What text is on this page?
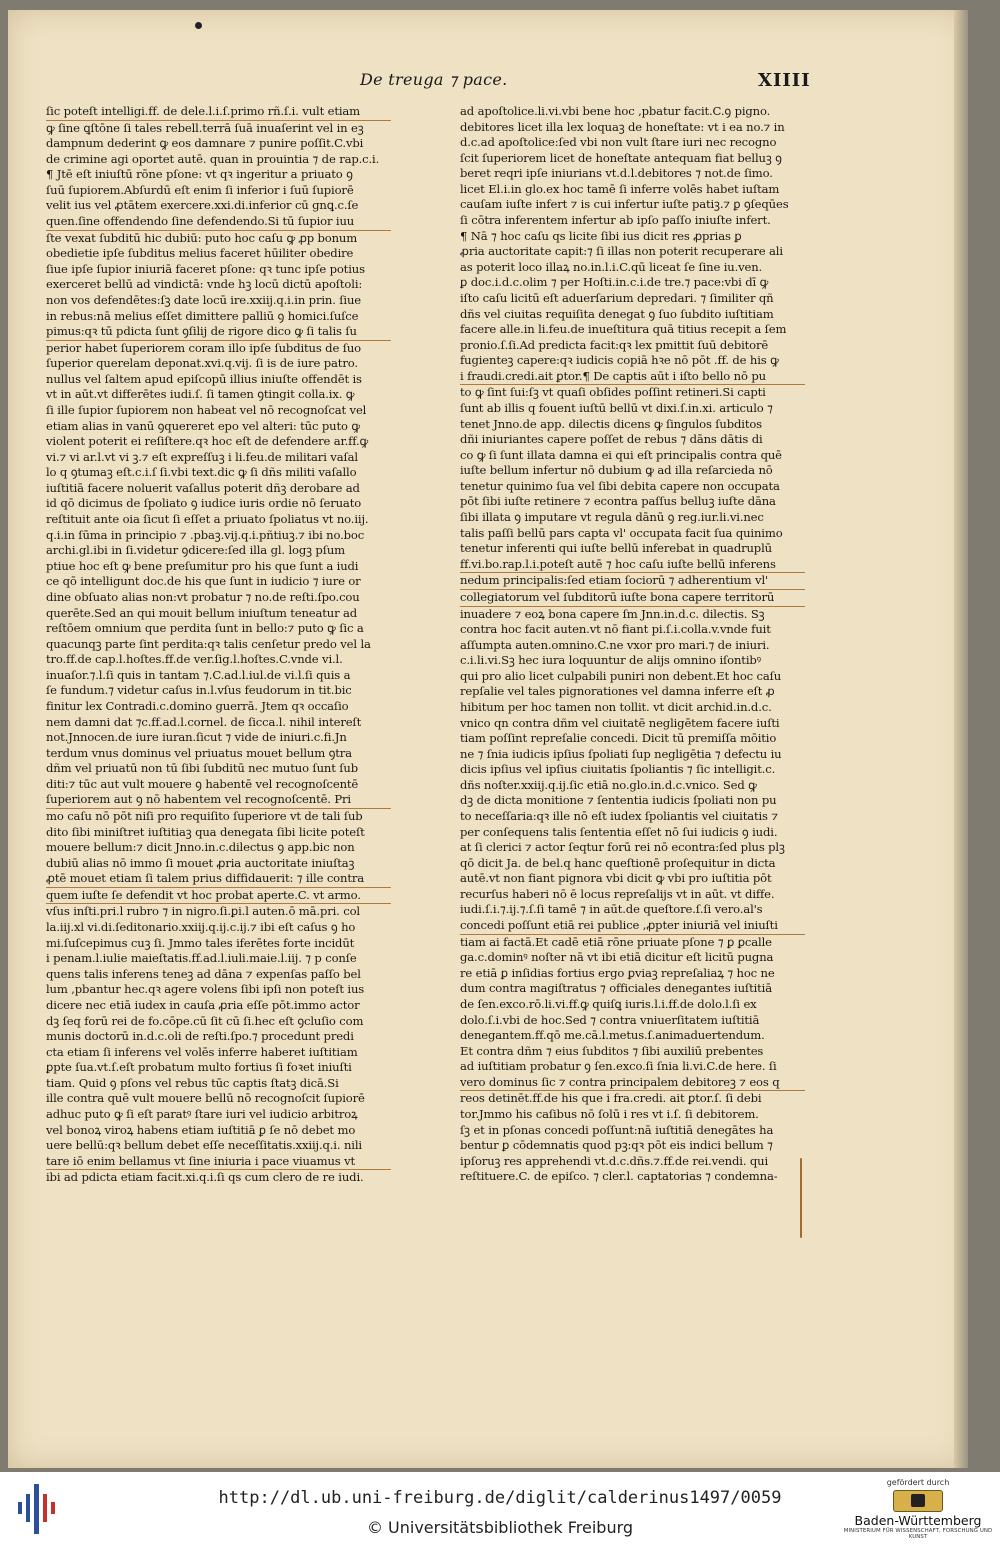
De treuga ⁊ pace.	XIIII
ſic poteſt intelligi.ff. de dele.l.i.ſ.primo rñ.ſ.i. vult etiam
ꝙ ſine ꝗſtōne ſi tales rebell.terrā ſuā inuaſerint vel in eꝫ
dampnum dederint ꝙ eos damnare ⁊ punire poſſit.C.vbi
de crimine agi oportet autē. quan in prouintia ⁊ de rap.c.i.
¶ Jtē eſt iniuſtū rōne pſone: vt qꝛ ingeritur a priuato ꝯ
ſuū ſupiorem.Abſurdū eſt enim ſi inferior i ſuū ſupiorē
velit ius vel ꝓtātem exercere.xxi.di.inferior cū gnꝗ.c.ſe
quen.ſine offendendo ſine defendendo.Si tū ſupior iuu
ſte vexat ſubditū hic dubiū: puto hoc caſu ꝙ ꝓp bonum
obedietie ipſe ſubditus melius faceret hūiliter obedire
ſiue ipſe ſupior iniuriā faceret pſone: qꝛ tunc ipſe potius
exerceret bellū ad vindictā: vnde hꝫ locū dictū apoſtoli:
non vos defendētes:ſꝫ date locū ire.xxiij.q.i.in prin. ſiue
in rebus:nā melius eſſet dimittere palliū ꝯ homici.ſuſce
pimus:qꝛ tū pdicta ſunt ꝯſilij de rigore dico ꝙ ſi talis ſu
perior habet ſuperiorem coram illo ipſe ſubditus de ſuo
ſuperior querelam deponat.xvi.q.vij. ſi is de iure patro.
nullus vel ſaltem apud epiſcopū illius iniuſte offendēt is
vt in aūt.vt differētes iudi.ſ. ſi tamen ꝯtingit colla.ix. ꝙ
ſi ille ſupior ſupiorem non habeat vel nō recognoſcat vel
etiam alias in vanū ꝯquereret epo vel alteri: tūc puto ꝙ
violent poterit ei reſiſtere.qꝛ hoc eſt de defendere ar.ff.ꝙ
vi.⁊ vi ar.l.vt vi ꝫ.⁊ eſt expreſſuꝫ i li.feu.de militari vaſal
lo q ꝯtumaꝫ eſt.c.i.ſ ſi.vbi text.dic ꝙ ſi dñs militi vaſallo
iuſtitiā facere noluerit vaſallus poterit dñꝫ derobare ad
id qō dicimus de ſpoliato ꝯ iudice iuris ordie nō ſeruato
reſtituit ante oia ſicut ſi eſſet a priuato ſpoliatus vt no.iij.
q.i.in ſūma in principio ⁊ .pbaꝫ.vij.q.i.pñtiuꝫ.⁊ ibi no.boc
archi.gl.ibi in ſi.videtur ꝯdicere:ſed illa gl. logꝫ pſum
ptiue hoc eſt ꝙ bene preſumitur pro his que ſunt a iudi
ce qō intelligunt doc.de his que ſunt in iudicio ⁊ iure or
dine obſuato alias non:vt probatur ⁊ no.de reſti.ſpo.cou
querēte.Sed an qui mouit bellum iniuſtum teneatur ad
reſtōem omnium que perdita ſunt in bello:⁊ puto ꝙ ſic a
quacunqꝫ parte ſint perdita:qꝛ talis cenſetur predo vel la
tro.ff.de cap.l.hoſtes.ff.de ver.ſig.l.hoſtes.C.vnde vi.l.
inuaſor.⁊.l.ſi quis in tantam ⁊.C.ad.l.iul.de vi.l.ſi quis a
ſe fundum.⁊ videtur caſus in.l.vſus feudorum in tit.bic
finitur lex Contradi.c.domino guerrā. Jtem qꝛ occaſio
nem damni dat ⁊c.ff.ad.l.cornel. de ſicca.l. nihil intereſt
not.Jnnocen.de iure iuran.ſicut ⁊ vide de iniuri.c.fi.Jn
terdum vnus dominus vel priuatus mouet bellum ꝯtra
dñm vel priuatū non tū ſibi ſubditū nec mutuo ſunt ſub
diti:⁊ tūc aut vult mouere ꝯ habentē vel recognoſcentē
ſuperiorem aut ꝯ nō habentem vel recognoſcentē. Pri
mo caſu nō pōt niſi pro requiſito ſuperiore vt de tali ſub
dito ſibi miniſtret iuſtitiaꝫ qua denegata ſibi licite poteſt
mouere bellum:⁊ dicit Jnno.in.c.dilectus ꝯ app.bic non
dubiū alias nō immo ſi mouet ꝓria auctoritate iniuſtaꝫ
ꝓtē mouet etiam ſi talem prius diffidauerit: ⁊ ille contra
quem iuſte ſe defendit vt hoc probat aperte.C. vt armo.
vſus inſti.pri.l rubro ⁊ in nigro.ſi.ꝑi.l auten.ō mā.pri. col
la.iij.xl vi.di.ſeditonario.xxiij.q.ij.c.ij.⁊ ibi eſt caſus ꝯ ho
mi.ſuſcepimus cuꝫ ſi. Jmmo tales iferētes forte incidūt
i penam.l.iulie maieſtatis.ff.ad.l.iuli.maie.l.iij. ⁊ p conſe
quens talis inferens teneꝫ ad dāna ⁊ expenſas paſſo bel
lum ,pbantur hec.qꝛ agere volens ſibi ipſi non poteſt ius
dicere nec etiā iudex in cauſa ꝓria eſſe pōt.immo actor
dꝫ ſeq forū rei de fo.cōpe.cū ſit cū ſi.hec eſt ꝯcluſio com
munis doctorū in.d.c.oli de reſti.ſpo.⁊ procedunt predi
cta etiam ſi inferens vel volēs inferre haberet iuſtitiam
ꝑpte ſua.vt.ſ.eſt probatum multo fortius ſi foꝛet iniuſti
tiam. Quid ꝯ pſons vel rebus tūc captis ſtatꝫ dicā.Si
ille contra quē vult mouere bellū nō recognoſcit ſupiorē
adhuc puto ꝙ ſi eſt paratꝰ ſtare iuri vel iudicio arbitroꝝ
vel bonoꝝ viroꝝ habens etiam iuſtitiā ꝑ ſe nō debet mo
uere bellū:qꝛ bellum debet eſſe neceſſitatis.xxiij.q.i. nili
tare iō enim bellamus vt ſine iniuria i pace viuamus vt
ibi ad pdicta etiam facit.xi.q.i.ſi qs cum clero de re iudi.
ad apoſtolice.li.vi.vbi bene hoc ,pbatur facit.C.ꝯ pigno.
debitores licet illa lex loquaꝫ de honeſtate: vt i ea no.⁊ in
d.c.ad apoſtolice:ſed vbi non vult ſtare iuri nec recogno
ſcit ſuperiorem licet de honeſtate antequam fiat belluꝫ ꝯ
beret reqri ipſe iniurians vt.d.l.debitores ⁊ not.de ſimo.
licet El.i.in glo.ex hoc tamē ſi inferre volēs habet iuſtam
cauſam iuſte infert ⁊ is cui infertur iuſte patiꝫ.⁊ ꝑ ꝯſeqūes
ſi cōtra inferentem infertur ab ipſo paſſo iniuſte infert.
¶ Nā ⁊ hoc caſu qs licite ſibi ius dicit res ꝓprias ꝑ
ꝓria auctoritate capit:⁊ ſi illas non poterit recuperare ali
as poterit loco illaꝝ no.in.l.i.C.qū liceat ſe ſine iu.ven.
ꝑ doc.i.d.c.olim ⁊ per Hoſti.in.c.i.de tre.⁊ pace:vbi dī ꝙ
iſto caſu licitū eſt aduerſarium depredari. ⁊ ſimiliter qñ
dñs vel ciuitas requiſita denegat ꝯ ſuo ſubdito iuſtitiam
facere alle.in li.feu.de inueſtitura quā titius recepit a ſem
pronio.ſ.ſi.Ad predicta facit:qꝛ lex pmittit ſuū debitorē
fugienteꝫ capere:qꝛ iudicis copiā hꝛe nō pōt .ff. de his ꝙ
i fraudi.credi.ait ꝑtor.¶ De captis aūt i iſto bello nō pu
to ꝙ ſint ſui:ſꝫ vt quaſi obſides poſſint retineri.Si capti
ſunt ab illis q fouent iuſtū bellū vt dixi.ſ.in.xi. articulo ⁊
tenet Jnno.de app. dilectis dicens ꝙ ſingulos ſubditos
dñi iniuriantes capere poſſet de rebus ⁊ dāns dātis di
co ꝙ ſi ſunt illata damna ei qui eſt principalis contra quē
iuſte bellum infertur nō dubium ꝙ ad illa reſarcieda nō
tenetur quinimo ſua vel ſibi debita capere non occupata
pōt ſibi iuſte retinere ⁊ econtra paſſus belluꝫ iuſte dāna
ſibi illata ꝯ imputare vt regula dānū ꝯ reg.iur.li.vi.nec
talis paſſi bellū pars capta vl' occupata facit ſua quinimo
tenetur inferenti qui iuſte bellū inferebat in quadruplū
ff.vi.bo.rap.l.i.poteſt autē ⁊ hoc caſu iuſte bellū inferens
nedum principalis:ſed etiam ſociorū ⁊ adherentium vl'
collegiatorum vel ſubditorū iuſte bona capere territorū
inuadere ⁊ eoꝝ bona capere ſm Jnn.in.d.c. dilectis. Sꝫ
contra hoc facit auten.vt nō fiant pi.ſ.i.colla.v.vnde fuit
aſſumpta auten.omnino.C.ne vxor pro mari.⁊ de iniuri.
c.i.li.vi.Sꝫ hec iura loquuntur de alijs omnino iſontibꝰ
qui pro alio licet culpabili puniri non debent.Et hoc caſu
repſalie vel tales pignorationes vel damna inferre eſt ꝓ
hibitum per hoc tamen non tollit. vt dicit archid.in.d.c.
vnico qn contra dñm vel ciuitatē negligētem facere iuſti
tiam poſſint repreſalie concedi. Dicit tū premiſſa mōitio
ne ⁊ ſnia iudicis ipſius ſpoliati ſup negligētia ⁊ defectu iu
dicis ipſius vel ipſius ciuitatis ſpoliantis ⁊ ſic intelligit.c.
dñs noſter.xxiij.q.ij.ſic etiā no.glo.in.d.c.vnico. Sed ꝙ
dꝫ de dicta monitione ⁊ ſententia iudicis ſpoliati non pu
to neceſſaria:qꝛ ille nō eſt iudex ſpoliantis vel ciuitatis ⁊
per conſequens talis ſententia eſſet nō ſui iudicis ꝯ iudi.
at ſi clerici ⁊ actor ſeqtur forū rei nō econtra:ſed plus plꝫ
qō dicit Ja. de bel.q hanc queſtionē proſequitur in dicta
autē.vt non fiant pignora vbi dicit ꝙ vbi pro iuſtitia pōt
recurſus haberi nō ē locus repreſalijs vt in aūt. vt diffe.
iudi.ſ.i.⁊.ij.⁊.ſ.ſi tamē ⁊ in aūt.de queſtore.ſ.ſi vero.al's
concedi poſſunt etiā rei publice ,ꝓpter iniuriā vel iniuſti
tiam ai factā.Et cadē etiā rōne priuate pſone ⁊ ꝑ ꝑcalle
ga.c.dominꝰ noſter nā vt ibi etiā dicitur eſt licitū pugna
re etiā ꝑ inſidias fortius ergo ꝑviaꝫ repreſaliaꝝ ⁊ hoc ne
dum contra magiſtratus ⁊ officiales denegantes iuſtitiā
de ſen.exco.rō.li.vi.ff.ꝙ quiſꝗ iuris.l.i.ff.de dolo.l.ſi ex
dolo.ſ.i.vbi de hoc.Sed ⁊ contra vniuerſitatem iuſtitiā
denegantem.ff.qō me.cā.l.metus.ſ.animaduertendum.
Et contra dñm ⁊ eius ſubditos ⁊ ſibi auxiliū prebentes
ad iuſtitiam probatur ꝯ ſen.exco.ſi ſnia li.vi.C.de here. ſi
vero dominus ſic ⁊ contra principalem debitoreꝫ ⁊ eos q
reos detinēt.ff.de his que i fra.credi. ait ꝑtor.ſ. ſi debi
tor.Jmmo his caſibus nō ſolū i res vt i.ſ. ſi debitorem.
ſꝫ et in pſonas concedi poſſunt:nā iuſtitiā denegātes ha
bentur ꝑ cōdemnatis quod pꝫ:qꝛ pōt eis indici bellum ⁊
ipſoruꝫ res apprehendi vt.d.c.dñs.⁊.ff.de rei.vendi. qui
reſtituere.C. de epiſco. ⁊ cler.l. captatorias ⁊ condemna-
http://dl.ub.uni-freiburg.de/diglit/calderinus1497/0059
© Universitätsbibliothek Freiburg
gefördert durch
Baden-Württemberg
MINISTERIUM FÜR WISSENSCHAFT, FORSCHUNG UND KUNST
